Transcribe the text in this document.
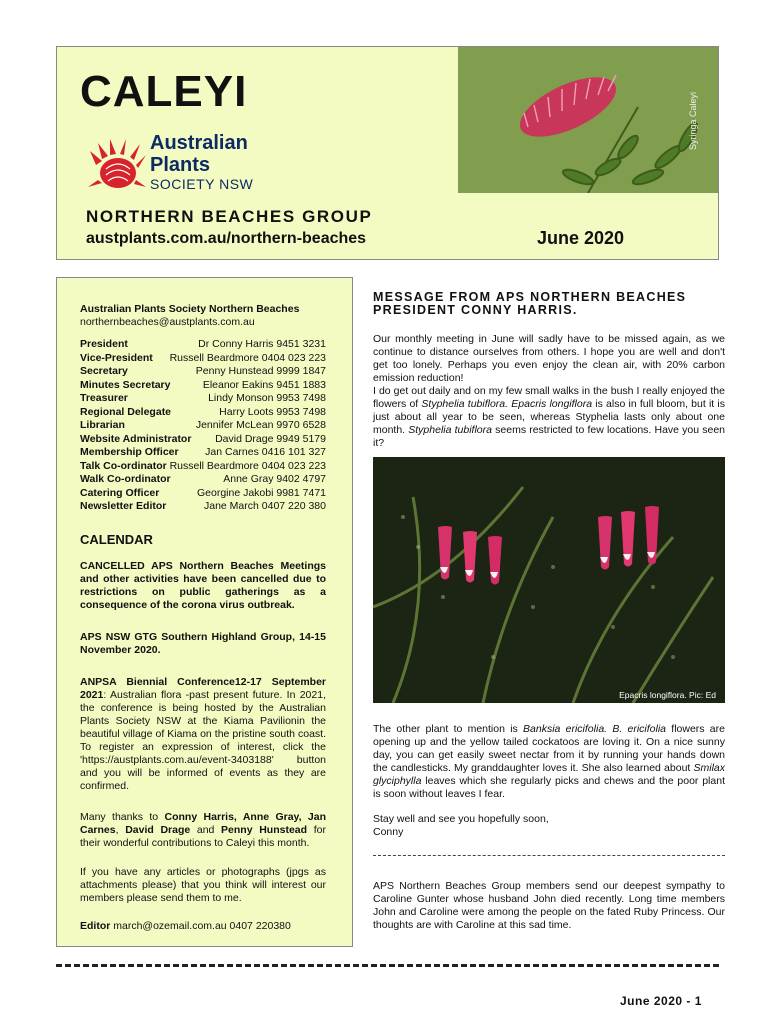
CALEYI
Australian
Plants
SOCIETY NSW
Syringa Caleyi
NORTHERN BEACHES GROUP
austplants.com.au/northern-beaches	June 2020
Australian Plants Society Northern Beaches
northernbeaches@austplants.com.au
President	Dr Conny Harris 9451 3231
Vice-President Russell Beardmore 0404 023 223
Secretary	Penny Hunstead 9999 1847
Minutes Secretary	Eleanor Eakins 9451 1883
Treasurer	Lindy Monson 9953 7498
Regional Delegate	Harry Loots 9953 7498
Librarian	Jennifer McLean 9970 6528
Website Administrator David Drage 9949 5179
Membership Officer	Jan Carnes 0416 101 327
Talk Co-ordinator Russell Beardmore 0404 023 223
Walk Co-ordinator	Anne Gray 9402 4797
Catering Officer	Georgine Jakobi 9981 7471
Newsletter Editor	Jane March 0407 220 380
CALENDAR
CANCELLED APS Northern Beaches Meetings and other activities have been cancelled due to restrictions on public gatherings as a consequence of the corona virus outbreak.
APS NSW GTG Southern Highland Group, 14-15 November 2020.
ANPSA Biennial Conference12-17 September 2021: Australian flora -past present future. In 2021, the conference is being hosted by the Australian Plants Society NSW at the Kiama Pavilionin the beautiful village of Kiama on the pristine south coast. To register an expression of interest, click the 'https://austplants.com.au/event-3403188' button and you will be informed of events as they are confirmed.
Many thanks to Conny Harris, Anne Gray, Jan Carnes, David Drage and Penny Hunstead for their wonderful contributions to Caleyi this month.
If you have any articles or photographs (jpgs as attachments please) that you think will interest our members please send them to me.
Editor march@ozemail.com.au 0407 220380
MESSAGE FROM APS NORTHERN BEACHES PRESIDENT CONNY HARRIS.
Our monthly meeting in June will sadly have to be missed again, as we continue to distance ourselves from others. I hope you are well and don't get too lonely. Perhaps you even enjoy the clean air, with 20% carbon emission reduction!
I do get out daily and on my few small walks in the bush I really enjoyed the flowers of Styphelia tubiflora. Epacris longiflora is also in full bloom, but it is just about all year to be seen, whereas Styphelia lasts only about one month. Styphelia tubiflora seems restricted to few locations. Have you seen it?
Epacris longiflora. Pic: Ed
The other plant to mention is Banksia ericifolia. B. ericifolia flowers are opening up and the yellow tailed cockatoos are loving it. On a nice sunny day, you can get easily sweet nectar from it by running your hands down the candlesticks. My granddaughter loves it. She also learned about Smilax glyciphylla leaves which she regularly picks and chews and the poor plant is soon without leaves I fear.
Stay well and see you hopefully soon,
Conny
APS Northern Beaches Group members send our deepest sympathy to Caroline Gunter whose husband John died recently. Long time members John and Caroline were among the people on the fated Ruby Princess. Our thoughts are with Caroline at this sad time.
June 2020 - 1
